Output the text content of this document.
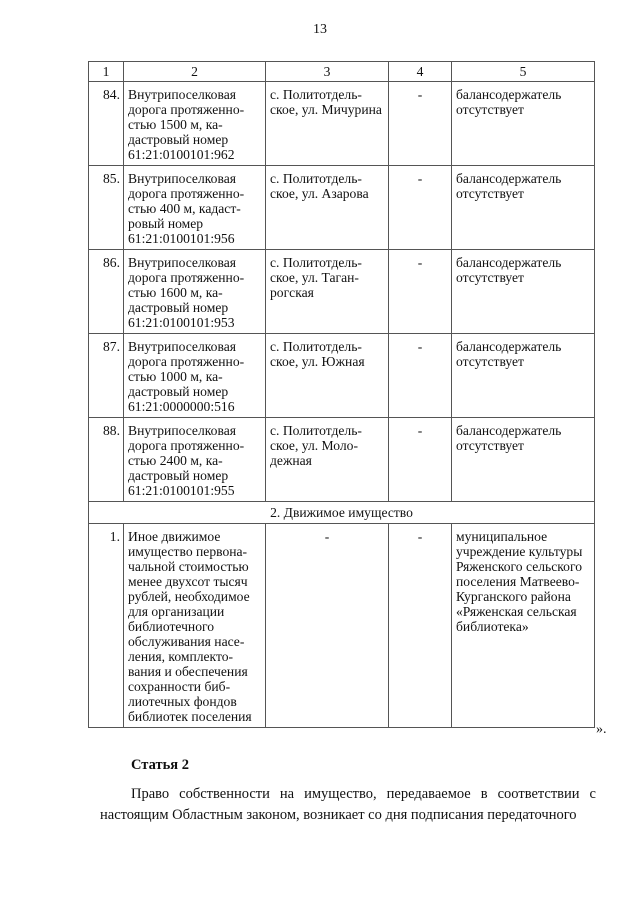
13
1	2	3	4	5
84.	Внутрипоселковая дорога протяженностью 1500 м, кадастровый номер 61:21:0100101:962	с. Политотдельское, ул. Мичурина	-	балансодержатель отсутствует
85.	Внутрипоселковая дорога протяженностью 400 м, кадастровый номер 61:21:0100101:956	с. Политотдельское, ул. Азарова	-	балансодержатель отсутствует
86.	Внутрипоселковая дорога протяженностью 1600 м, кадастровый номер 61:21:0100101:953	с. Политотдельское, ул. Таганрогская	-	балансодержатель отсутствует
87.	Внутрипоселковая дорога протяженностью 1000 м, кадастровый номер 61:21:0000000:516	с. Политотдельское, ул. Южная	-	балансодержатель отсутствует
88.	Внутрипоселковая дорога протяженностью 2400 м, кадастровый номер 61:21:0100101:955	с. Политотдельское, ул. Молодежная	-	балансодержатель отсутствует
2. Движимое имущество				
1.	Иное движимое имущество первоначальной стоимостью менее двухсот тысяч рублей, необходимое для организации библиотечного обслуживания населения, комплектования и обеспечения сохранности библиотечных фондов библиотек поселения	-	-	муниципальное учреждение культуры Ряженского сельского поселения Матвеево-Курганского района «Ряженская сельская библиотека»
».
Статья 2
Право собственности на имущество, передаваемое в соответствии с настоящим Областным законом, возникает со дня подписания передаточного
